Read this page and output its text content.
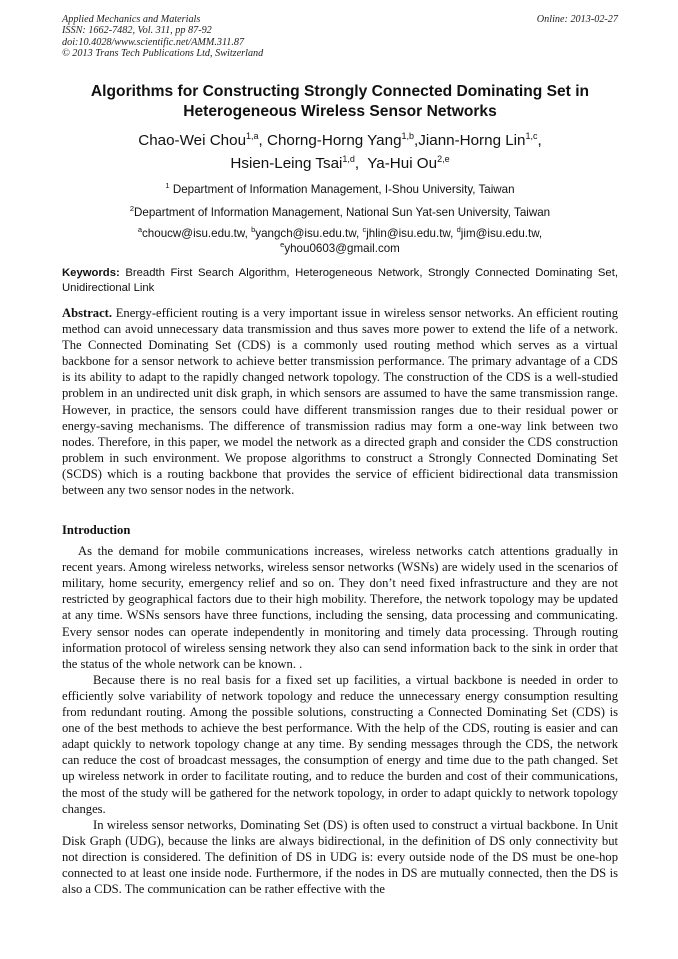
Applied Mechanics and Materials
ISSN: 1662-7482, Vol. 311, pp 87-92
doi:10.4028/www.scientific.net/AMM.311.87
© 2013 Trans Tech Publications Ltd, Switzerland
Online: 2013-02-27
Algorithms for Constructing Strongly Connected Dominating Set in
Heterogeneous Wireless Sensor Networks
Chao-Wei Chou$^{1,a}$, Chorng-Horng Yang$^{1,b}$,Jiann-Horng Lin$^{1,c}$,
Hsien-Leing Tsai$^{1,d}$,  Ya-Hui Ou$^{2,e}$
$^1$ Department of Information Management, I-Shou University, Taiwan
$^2$Department of Information Management, National Sun Yat-sen University, Taiwan
$^a$choucw@isu.edu.tw, $^b$yangch@isu.edu.tw, $^c$jhlin@isu.edu.tw, $^d$jim@isu.edu.tw,
$^e$yhou0603@gmail.com
Keywords: Breadth First Search Algorithm, Heterogeneous Network, Strongly Connected Dominating Set, Unidirectional Link

Abstract. Energy-efficient routing is a very important issue in wireless sensor networks. An efficient routing method can avoid unnecessary data transmission and thus saves more power to extend the life of a network. The Connected Dominating Set (CDS) is a commonly used routing method which serves as a virtual backbone for a sensor network to achieve better transmission performance. The primary advantage of a CDS is its ability to adapt to the rapidly changed network topology. The construction of the CDS is a well-studied problem in an undirected unit disk graph, in which sensors are assumed to have the same transmission range. However, in practice, the sensors could have different transmission ranges due to their residual power or energy-saving mechanisms. The difference of transmission radius may form a one-way link between two nodes. Therefore, in this paper, we model the network as a directed graph and consider the CDS construction problem in such environment. We propose algorithms to construct a Strongly Connected Dominating Set (SCDS) which is a routing backbone that provides the service of efficient bidirectional data transmission between any two sensor nodes in the network.

Introduction

As the demand for mobile communications increases, wireless networks catch attentions gradually in recent years. Among wireless networks, wireless sensor networks (WSNs) are widely used in the scenarios of military, home security, emergency relief and so on. They don’t need fixed infrastructure and they are not restricted by geographical factors due to their high mobility. Therefore, the network topology may be updated at any time. WSNs sensors have three functions, including the sensing, data processing and communicating. Every sensor nodes can operate independently in monitoring and timely data processing. Through routing information protocol of wireless sensing network they also can send information back to the sink in order that the status of the whole network can be known. .

Because there is no real basis for a fixed set up facilities, a virtual backbone is needed in order to efficiently solve variability of network topology and reduce the unnecessary energy consumption resulting from redundant routing. Among the possible solutions, constructing a Connected Dominating Set (CDS) is one of the best methods to achieve the best performance. With the help of the CDS, routing is easier and can adapt quickly to network topology change at any time. By sending messages through the CDS, the network can reduce the cost of broadcast messages, the consumption of energy and time due to the path changed. Set up wireless network in order to facilitate routing, and to reduce the burden and cost of their communications, the most of the study will be gathered for the network topology, in order to adapt quickly to network topology changes.

In wireless sensor networks, Dominating Set (DS) is often used to construct a virtual backbone. In Unit Disk Graph (UDG), because the links are always bidirectional, in the definition of DS only connectivity but not direction is considered. The definition of DS in UDG is: every outside node of the DS must be one-hop connected to at least one inside node. Furthermore, if the nodes in DS are mutually connected, then the DS is also a CDS. The communication can be rather effective with the
